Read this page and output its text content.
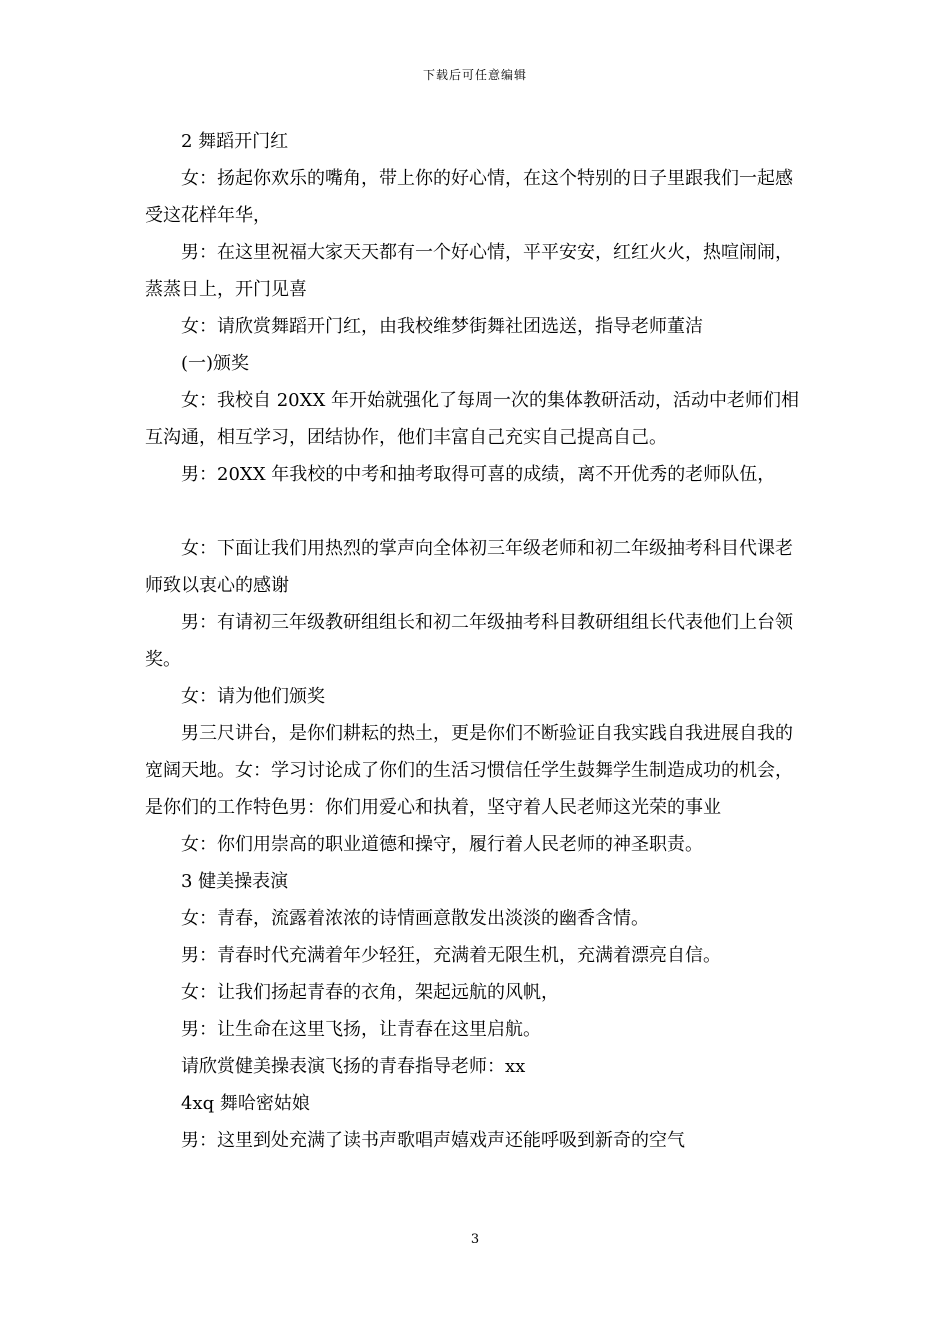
下载后可任意编辑

2 舞蹈开门红

女：扬起你欢乐的嘴角，带上你的好心情，在这个特别的日子里跟我们一起感受这花样年华，

男：在这里祝福大家天天都有一个好心情，平平安安，红红火火，热喧闹闹，蒸蒸日上，开门见喜

女：请欣赏舞蹈开门红，由我校维梦街舞社团选送，指导老师董洁

(一)颁奖

女：我校自 20XX 年开始就强化了每周一次的集体教研活动，活动中老师们相互沟通，相互学习，团结协作，他们丰富自己充实自己提高自己。

男：20XX 年我校的中考和抽考取得可喜的成绩，离不开优秀的老师队伍，

女：下面让我们用热烈的掌声向全体初三年级老师和初二年级抽考科目代课老师致以衷心的感谢

男：有请初三年级教研组组长和初二年级抽考科目教研组组长代表他们上台领奖。

女：请为他们颁奖

男三尺讲台，是你们耕耘的热土，更是你们不断验证自我实践自我进展自我的宽阔天地。女：学习讨论成了你们的生活习惯信任学生鼓舞学生制造成功的机会，是你们的工作特色男：你们用爱心和执着，坚守着人民老师这光荣的事业

女：你们用崇高的职业道德和操守，履行着人民老师的神圣职责。

3 健美操表演

女：青春，流露着浓浓的诗情画意散发出淡淡的幽香含情。

男：青春时代充满着年少轻狂，充满着无限生机，充满着漂亮自信。

女：让我们扬起青春的衣角，架起远航的风帆，

男：让生命在这里飞扬，让青春在这里启航。

请欣赏健美操表演飞扬的青春指导老师：xx

4xq 舞哈密姑娘

男：这里到处充满了读书声歌唱声嬉戏声还能呼吸到新奇的空气

3
